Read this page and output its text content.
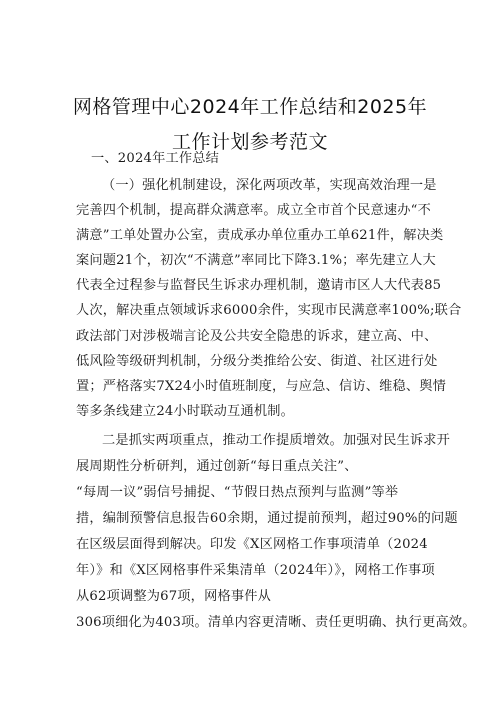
网格管理中心2024年工作总结和2025年
工作计划参考范文
一、2024年工作总结
（一）强化机制建设，深化两项改革，实现高效治理一是
完善四个机制，提高群众满意率。成立全市首个民意速办“不
满意”工单处置办公室，责成承办单位重办工单621件，解决类
案问题21个，初次“不满意”率同比下降3.1%；率先建立人大
代表全过程参与监督民生诉求办理机制，邀请市区人大代表85
人次，解决重点领域诉求6000余件，实现市民满意率100%;联合
政法部门对涉极端言论及公共安全隐患的诉求，建立高、中、
低风险等级研判机制，分级分类推给公安、街道、社区进行处
置；严格落实7X24小时值班制度，与应急、信访、维稳、舆情
等多条线建立24小时联动互通机制。
二是抓实两项重点，推动工作提质增效。加强对民生诉求开
展周期性分析研判，通过创新“每日重点关注”、
“每周一议”弱信号捕捉、“节假日热点预判与监测”等举
措，编制预警信息报告60余期，通过提前预判，超过90%的问题
在区级层面得到解决。印发《X区网格工作事项清单（2024
年）》和《X区网格事件采集清单（2024年）》，网格工作事项
从62项调整为67项，网格事件从
306项细化为403项。清单内容更清晰、责任更明确、执行更高效。
